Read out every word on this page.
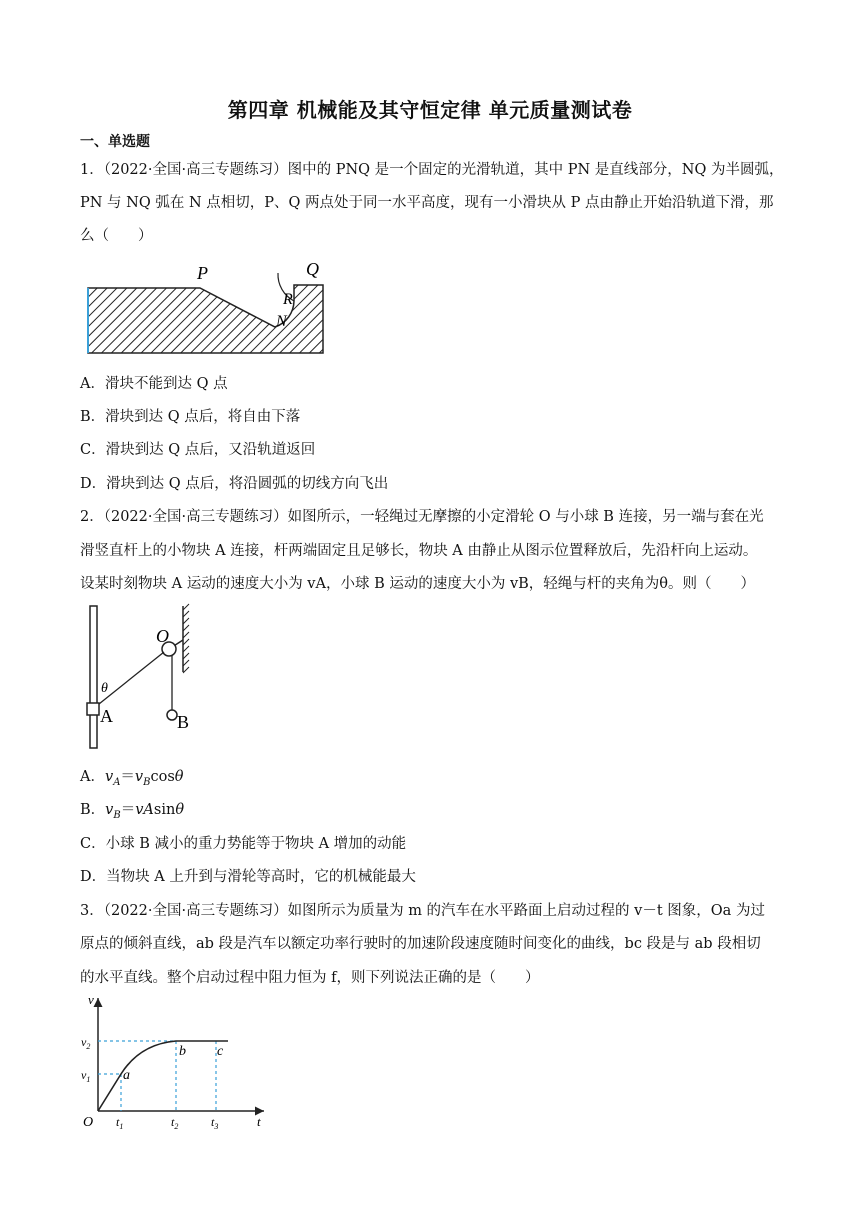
第四章 机械能及其守恒定律 单元质量测试卷
一、单选题
1．（2022·全国·高三专题练习）图中的 PNQ 是一个固定的光滑轨道，其中 PN 是直线部分，NQ 为半圆弧，
PN 与 NQ 弧在 N 点相切，P、Q 两点处于同一水平高度，现有一小滑块从 P 点由静止开始沿轨道下滑，那
么（　　）
P	Q
R
N
A．滑块不能到达 Q 点
B．滑块到达 Q 点后，将自由下落
C．滑块到达 Q 点后，又沿轨道返回
D．滑块到达 Q 点后，将沿圆弧的切线方向飞出
2．（2022·全国·高三专题练习）如图所示，一轻绳过无摩擦的小定滑轮 O 与小球 B 连接，另一端与套在光
滑竖直杆上的小物块 A 连接，杆两端固定且足够长，物块 A 由静止从图示位置释放后，先沿杆向上运动。
设某时刻物块 A 运动的速度大小为 vA，小球 B 运动的速度大小为 vB，轻绳与杆的夹角为θ。则（　　）
O
θ
A	B
A．$v_A=v_B\cos\theta$
B．$v_B=vAsin\theta$
C．小球 B 减小的重力势能等于物块 A 增加的动能
D．当物块 A 上升到与滑轮等高时，它的机械能最大
3．（2022·全国·高三专题练习）如图所示为质量为 m 的汽车在水平路面上启动过程的 v－t 图象，Oa 为过
原点的倾斜直线，ab 段是汽车以额定功率行驶时的加速阶段速度随时间变化的曲线，bc 段是与 ab 段相切
的水平直线。整个启动过程中阻力恒为 f，则下列说法正确的是（　　）
v
$v_2$
$v_1$
O
a
b c
$t_1$	$t_2$	$t_3$	t
